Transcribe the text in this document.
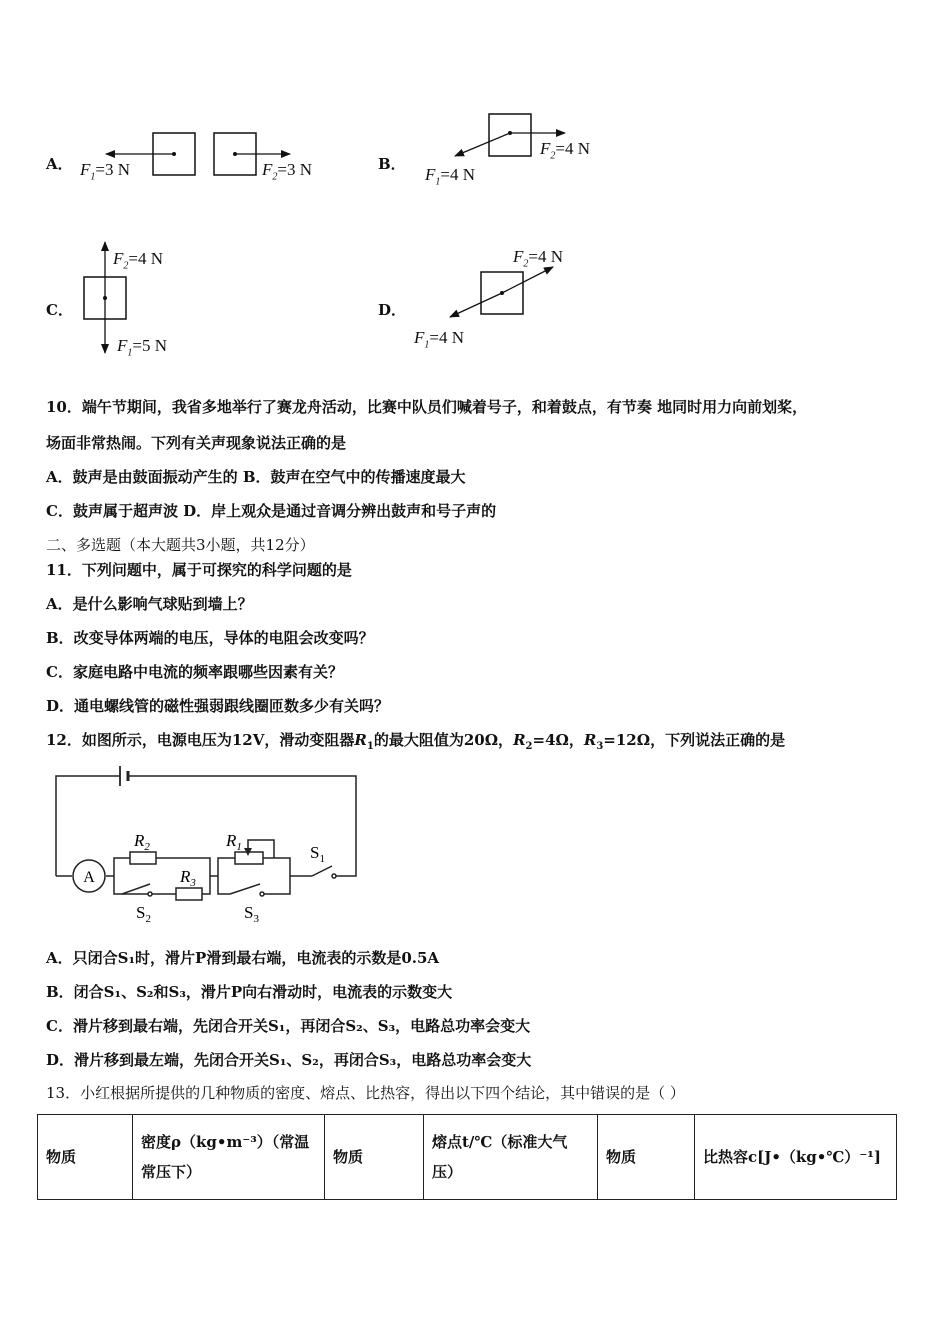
A．	B．
C．	D．
$F_1=3$ N	$F_2=3$ N	$F_1=4$ N
$F_2=4$ N
$F_2=4$ N
$F_1=5$ N
$F_2=4$ N
$F_1=4$ N
10．端午节期间，我省多地举行了赛龙舟活动，比赛中队员们喊着号子，和着鼓点，有节奏 地同时用力向前划桨，
场面非常热闹。下列有关声现象说法正确的是
A．鼓声是由鼓面振动产生的 B．鼓声在空气中的传播速度最大
C．鼓声属于超声波 D．岸上观众是通过音调分辨出鼓声和号子声的
二、多选题（本大题共3小题，共12分）
11．下列问题中，属于可探究的科学问题的是
A．是什么影响气球贴到墙上？
B．改变导体两端的电压，导体的电阻会改变吗？
C．家庭电路中电流的频率跟哪些因素有关？
D．通电螺线管的磁性强弱跟线圈匝数多少有关吗？
12．如图所示，电源电压为12V，滑动变阻器$R_1$的最大阻值为20Ω，$R_2=4\Omega$，$R_3=12\Omega$，下列说法正确的是
A
$R_2$
$R_3$
$S_2$
$R_1$
$S_3$
$S_1$
A．只闭合S₁时，滑片P滑到最右端，电流表的示数是0.5A
B．闭合S₁、S₂和S₃，滑片P向右滑动时，电流表的示数变大
C．滑片移到最右端，先闭合开关S₁，再闭合S₂、S₃，电路总功率会变大
D．滑片移到最左端，先闭合开关S₁、S₂，再闭合S₃，电路总功率会变大
13．小红根据所提供的几种物质的密度、熔点、比热容，得出以下四个结论，其中错误的是（ ）
物质	密度ρ（kg•m⁻³）（常温常压下）	物质	熔点t/℃（标准大气压）	物质	比热容c[J•（kg•℃）⁻¹]
